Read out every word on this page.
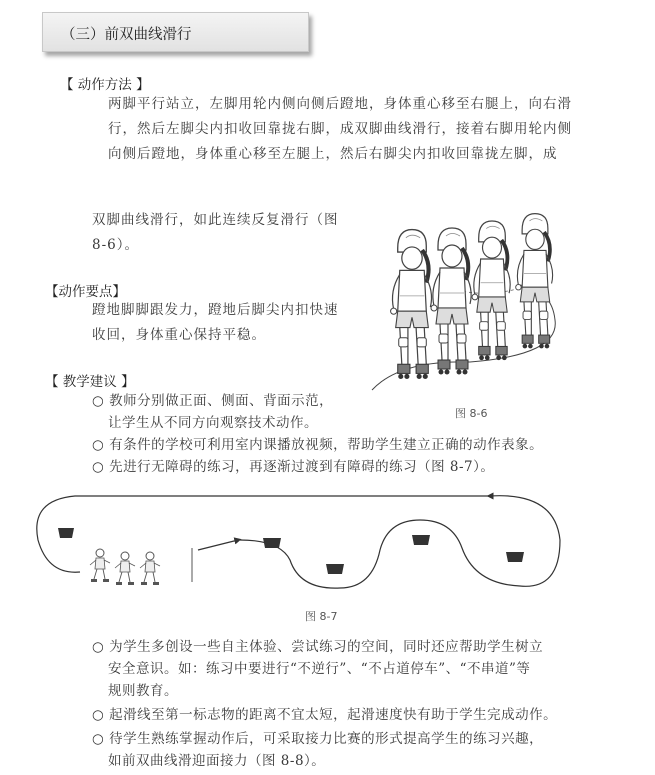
（三）前双曲线滑行
【 动作方法 】
两脚平行站立，左脚用轮内侧向侧后蹬地，身体重心移至右腿上，向右滑
行，然后左脚尖内扣收回靠拢右脚，成双脚曲线滑行，接着右脚用轮内侧
向侧后蹬地，身体重心移至左腿上，然后右脚尖内扣收回靠拢左脚，成
双脚曲线滑行，如此连续反复滑行（图
8-6）。
【动作要点】
蹬地脚脚跟发力，蹬地后脚尖内扣快速
收回，身体重心保持平稳。
【 教学建议 】
○ 教师分别做正面、侧面、背面示范，
让学生从不同方向观察技术动作。
○ 有条件的学校可利用室内课播放视频，帮助学生建立正确的动作表象。
○ 先进行无障碍的练习，再逐渐过渡到有障碍的练习（图 8-7）。
○ 为学生多创设一些自主体验、尝试练习的空间，同时还应帮助学生树立
安全意识。如：练习中要进行“不逆行”、“不占道停车”、“不串道”等
规则教育。
○ 起滑线至第一标志物的距离不宜太短，起滑速度快有助于学生完成动作。
○ 待学生熟练掌握动作后，可采取接力比赛的形式提高学生的练习兴趣，
如前双曲线滑迎面接力（图 8-8）。
图 8-6
图 8-7
